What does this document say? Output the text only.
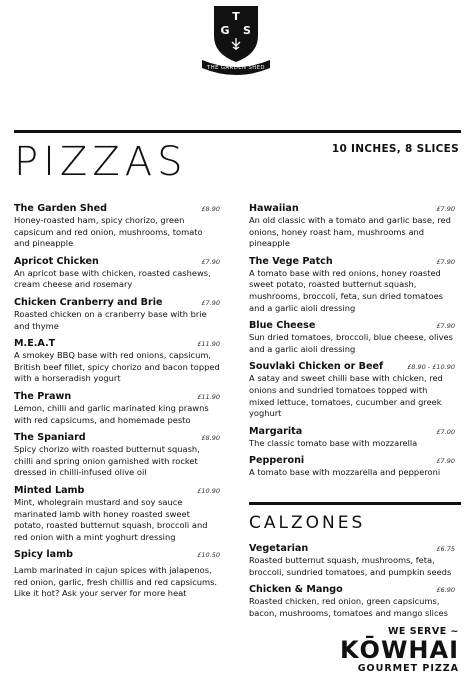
T
G S
THE GARDEN SHED
PIZZAS	10 INCHES, 8 SLICES
The Garden Shed	£8.90
Honey-roasted ham, spicy chorizo, green capsicum and red onion, mushrooms, tomato and pineapple
Apricot Chicken	£7.90
An apricot base with chicken, roasted cashews, cream cheese and rosemary
Chicken Cranberry and Brie	£7.90
Roasted chicken on a cranberry base with brie and thyme
M.E.A.T	£11.90
A smokey BBQ base with red onions, capsicum, British beef fillet, spicy chorizo and bacon topped with a horseradish yogurt
The Prawn	£11.90
Lemon, chilli and garlic marinated king prawns with red capsicums, and homemade pesto
The Spaniard	£8.90
Spicy chorizo with roasted butternut squash, chilli and spring onion garnished with rocket dressed in chilli-infused olive oil
Minted Lamb	£10.90
Mint, wholegrain mustard and soy sauce marinated lamb with honey roasted sweet potato, roasted butternut squash, broccoli and red onion with a mint yoghurt dressing
Spicy lamb	£10.50
Lamb marinated in cajun spices with jalapenos, red onion, garlic, fresh chillis and red capsicums. Like it hot? Ask your server for more heat
Hawaiian	£7.90
An old classic with a tomato and garlic base, red onions, honey roast ham, mushrooms and pineapple
The Vege Patch	£7.90
A tomato base with red onions, honey roasted sweet potato, roasted butternut squash, mushrooms, broccoli, feta, sun dried tomatoes and a garlic aioli dressing
Blue Cheese	£7.90
Sun dried tomatoes, broccoli, blue cheese, olives and a garlic aioli dressing
Souvlaki Chicken or Beef	£8.90 - £10.90
A satay and sweet chilli base with chicken, red onions and sundried tomatoes topped with mixed lettuce, tomatoes, cucumber and greek yoghurt
Margarita	£7.00
The classic tomato base with mozzarella
Pepperoni	£7.90
A tomato base with mozzarella and pepperoni
CALZONES
Vegetarian	£6.75
Roasted butternut squash, mushrooms, feta, broccoli, sundried tomatoes, and pumpkin seeds
Chicken & Mango	£6.90
Roasted chicken, red onion, green capsicums, bacon, mushrooms, tomatoes and mango slices
WE SERVE ~
KŌWHAI
GOURMET PIZZA
